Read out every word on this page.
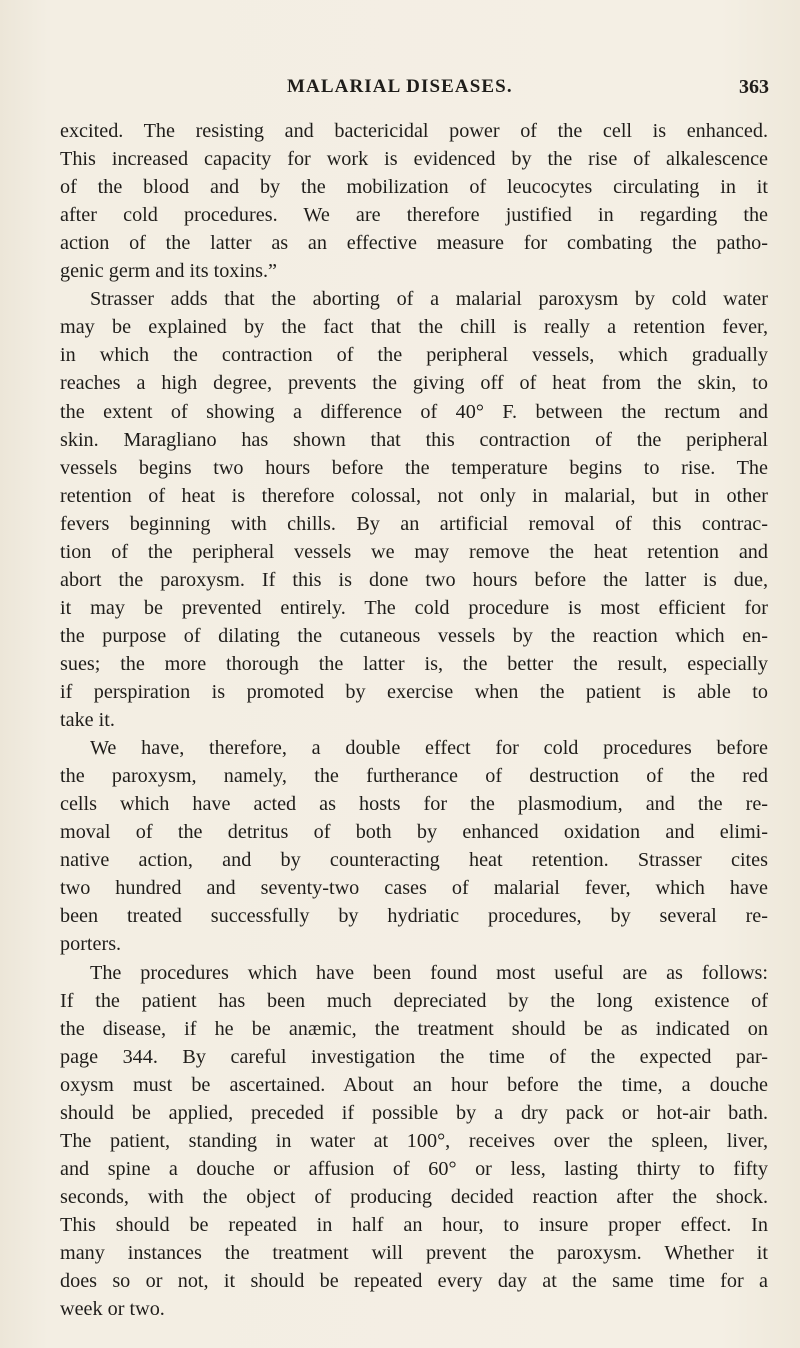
MALARIAL DISEASES.	363
excited. The resisting and bactericidal power of the cell is enhanced.
This increased capacity for work is evidenced by the rise of alkalescence
of the blood and by the mobilization of leucocytes circulating in it
after cold procedures. We are therefore justified in regarding the
action of the latter as an effective measure for combating the patho-
genic germ and its toxins.”
Strasser adds that the aborting of a malarial paroxysm by cold water
may be explained by the fact that the chill is really a retention fever,
in which the contraction of the peripheral vessels, which gradually
reaches a high degree, prevents the giving off of heat from the skin, to
the extent of showing a difference of 40° F. between the rectum and
skin. Maragliano has shown that this contraction of the peripheral
vessels begins two hours before the temperature begins to rise. The
retention of heat is therefore colossal, not only in malarial, but in other
fevers beginning with chills. By an artificial removal of this contrac-
tion of the peripheral vessels we may remove the heat retention and
abort the paroxysm. If this is done two hours before the latter is due,
it may be prevented entirely. The cold procedure is most efficient for
the purpose of dilating the cutaneous vessels by the reaction which en-
sues; the more thorough the latter is, the better the result, especially
if perspiration is promoted by exercise when the patient is able to
take it.
We have, therefore, a double effect for cold procedures before
the paroxysm, namely, the furtherance of destruction of the red
cells which have acted as hosts for the plasmodium, and the re-
moval of the detritus of both by enhanced oxidation and elimi-
native action, and by counteracting heat retention. Strasser cites
two hundred and seventy-two cases of malarial fever, which have
been treated successfully by hydriatic procedures, by several re-
porters.
The procedures which have been found most useful are as follows:
If the patient has been much depreciated by the long existence of
the disease, if he be anæmic, the treatment should be as indicated on
page 344. By careful investigation the time of the expected par-
oxysm must be ascertained. About an hour before the time, a douche
should be applied, preceded if possible by a dry pack or hot-air bath.
The patient, standing in water at 100°, receives over the spleen, liver,
and spine a douche or affusion of 60° or less, lasting thirty to fifty
seconds, with the object of producing decided reaction after the shock.
This should be repeated in half an hour, to insure proper effect. In
many instances the treatment will prevent the paroxysm. Whether it
does so or not, it should be repeated every day at the same time for a
week or two.
